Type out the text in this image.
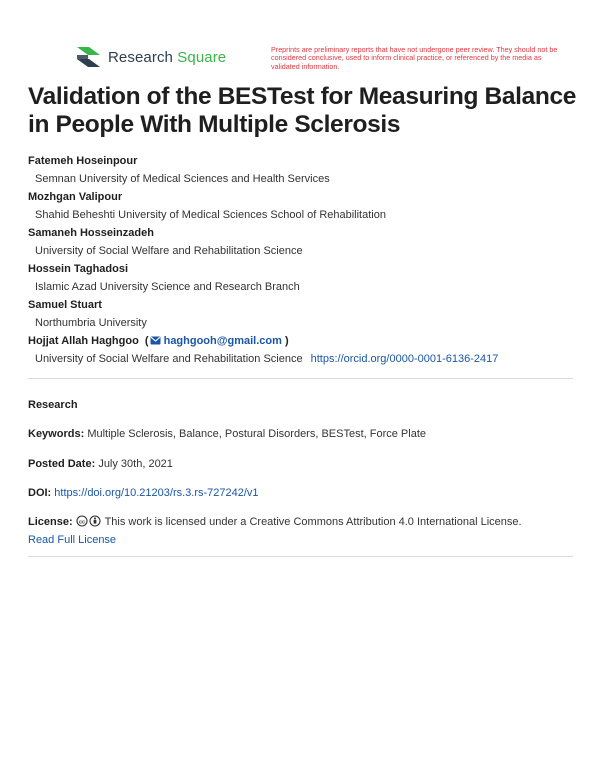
Research Square	Preprints are preliminary reports that have not undergone peer review. They should not be considered conclusive, used to inform clinical practice, or referenced by the media as validated information.
Validation of the BESTest for Measuring Balance in People With Multiple Sclerosis
Fatemeh Hoseinpour
Semnan University of Medical Sciences and Health Services
Mozhgan Valipour
Shahid Beheshti University of Medical Sciences School of Rehabilitation
Samaneh Hosseinzadeh
University of Social Welfare and Rehabilitation Science
Hossein Taghadosi
Islamic Azad University Science and Research Branch
Samuel Stuart
Northumbria University
Hojjat Allah Haghgoo  ( haghgooh@gmail.com )
University of Social Welfare and Rehabilitation Science https://orcid.org/0000-0001-6136-2417
Research
Keywords: Multiple Sclerosis, Balance, Postural Disorders, BESTest, Force Plate
Posted Date: July 30th, 2021
DOI: https://doi.org/10.21203/rs.3.rs-727242/v1
License: cc This work is licensed under a Creative Commons Attribution 4.0 International License.
Read Full License
